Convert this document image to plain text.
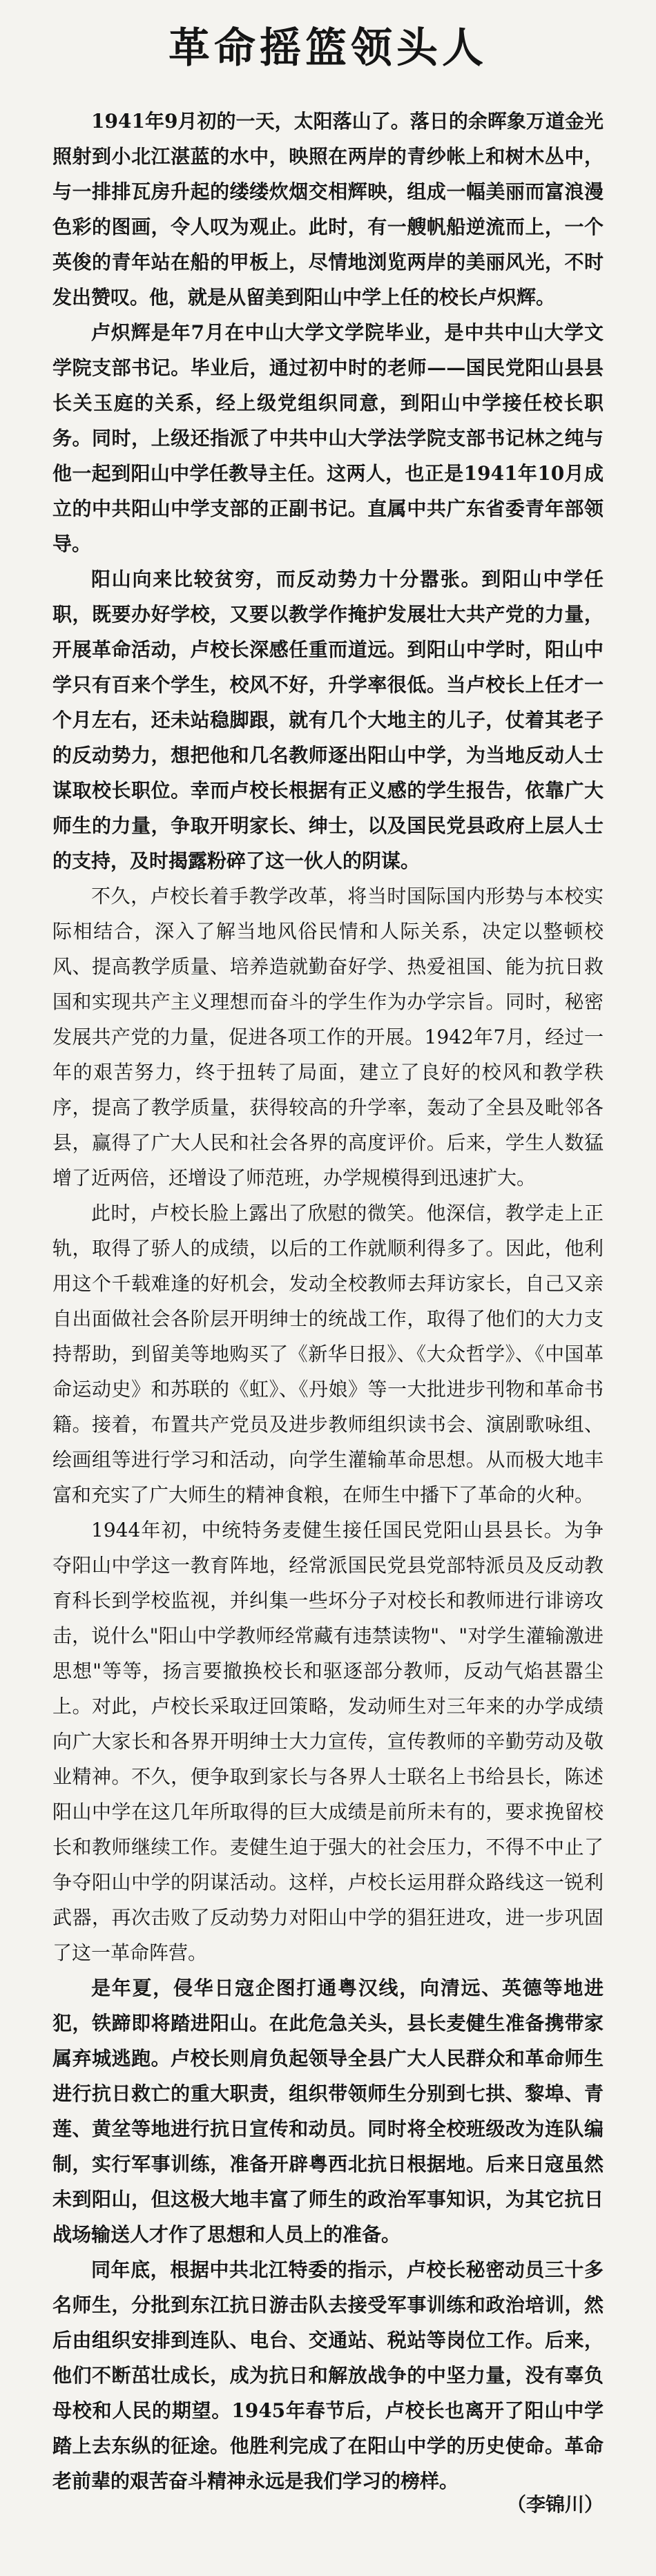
革命摇篮领头人

1941年9月初的一天，太阳落山了。落日的余晖象万道金光照射到小北江湛蓝的水中，映照在两岸的青纱帐上和树木丛中，与一排排瓦房升起的缕缕炊烟交相辉映，组成一幅美丽而富浪漫色彩的图画，令人叹为观止。此时，有一艘帆船逆流而上，一个英俊的青年站在船的甲板上，尽情地浏览两岸的美丽风光，不时发出赞叹。他，就是从留美到阳山中学上任的校长卢炽辉。

卢炽辉是年7月在中山大学文学院毕业，是中共中山大学文学院支部书记。毕业后，通过初中时的老师——国民党阳山县县长关玉庭的关系，经上级党组织同意，到阳山中学接任校长职务。同时，上级还指派了中共中山大学法学院支部书记林之纯与他一起到阳山中学任教导主任。这两人，也正是1941年10月成立的中共阳山中学支部的正副书记。直属中共广东省委青年部领导。

阳山向来比较贫穷，而反动势力十分嚣张。到阳山中学任职，既要办好学校，又要以教学作掩护发展壮大共产党的力量，开展革命活动，卢校长深感任重而道远。到阳山中学时，阳山中学只有百来个学生，校风不好，升学率很低。当卢校长上任才一个月左右，还未站稳脚跟，就有几个大地主的儿子，仗着其老子的反动势力，想把他和几名教师逐出阳山中学，为当地反动人士谋取校长职位。幸而卢校长根据有正义感的学生报告，依靠广大师生的力量，争取开明家长、绅士，以及国民党县政府上层人士的支持，及时揭露粉碎了这一伙人的阴谋。

不久，卢校长着手教学改革，将当时国际国内形势与本校实际相结合，深入了解当地风俗民情和人际关系，决定以整顿校风、提高教学质量、培养造就勤奋好学、热爱祖国、能为抗日救国和实现共产主义理想而奋斗的学生作为办学宗旨。同时，秘密发展共产党的力量，促进各项工作的开展。1942年7月，经过一年的艰苦努力，终于扭转了局面，建立了良好的校风和教学秩序，提高了教学质量，获得较高的升学率，轰动了全县及毗邻各县，赢得了广大人民和社会各界的高度评价。后来，学生人数猛增了近两倍，还增设了师范班，办学规模得到迅速扩大。

此时，卢校长脸上露出了欣慰的微笑。他深信，教学走上正轨，取得了骄人的成绩，以后的工作就顺利得多了。因此，他利用这个千载难逢的好机会，发动全校教师去拜访家长，自己又亲自出面做社会各阶层开明绅士的统战工作，取得了他们的大力支持帮助，到留美等地购买了《新华日报》、《大众哲学》、《中国革命运动史》和苏联的《虹》、《丹娘》等一大批进步刊物和革命书籍。接着，布置共产党员及进步教师组织读书会、演剧歌咏组、绘画组等进行学习和活动，向学生灌输革命思想。从而极大地丰富和充实了广大师生的精神食粮，在师生中播下了革命的火种。

1944年初，中统特务麦健生接任国民党阳山县县长。为争夺阳山中学这一教育阵地，经常派国民党县党部特派员及反动教育科长到学校监视，并纠集一些坏分子对校长和教师进行诽谤攻击，说什么"阳山中学教师经常藏有违禁读物"、"对学生灌输激进思想"等等，扬言要撤换校长和驱逐部分教师，反动气焰甚嚣尘上。对此，卢校长采取迂回策略，发动师生对三年来的办学成绩向广大家长和各界开明绅士大力宣传，宣传教师的辛勤劳动及敬业精神。不久，便争取到家长与各界人士联名上书给县长，陈述阳山中学在这几年所取得的巨大成绩是前所未有的，要求挽留校长和教师继续工作。麦健生迫于强大的社会压力，不得不中止了争夺阳山中学的阴谋活动。这样，卢校长运用群众路线这一锐利武器，再次击败了反动势力对阳山中学的猖狂进攻，进一步巩固了这一革命阵营。

是年夏，侵华日寇企图打通粤汉线，向清远、英德等地进犯，铁蹄即将踏进阳山。在此危急关头，县长麦健生准备携带家属弃城逃跑。卢校长则肩负起领导全县广大人民群众和革命师生进行抗日救亡的重大职责，组织带领师生分别到七拱、黎埠、青莲、黄坌等地进行抗日宣传和动员。同时将全校班级改为连队编制，实行军事训练，准备开辟粤西北抗日根据地。后来日寇虽然未到阳山，但这极大地丰富了师生的政治军事知识，为其它抗日战场输送人才作了思想和人员上的准备。

同年底，根据中共北江特委的指示，卢校长秘密动员三十多名师生，分批到东江抗日游击队去接受军事训练和政治培训，然后由组织安排到连队、电台、交通站、税站等岗位工作。后来，他们不断茁壮成长，成为抗日和解放战争的中坚力量，没有辜负母校和人民的期望。1945年春节后，卢校长也离开了阳山中学踏上去东纵的征途。他胜利完成了在阳山中学的历史使命。革命老前辈的艰苦奋斗精神永远是我们学习的榜样。

（李锦川）
